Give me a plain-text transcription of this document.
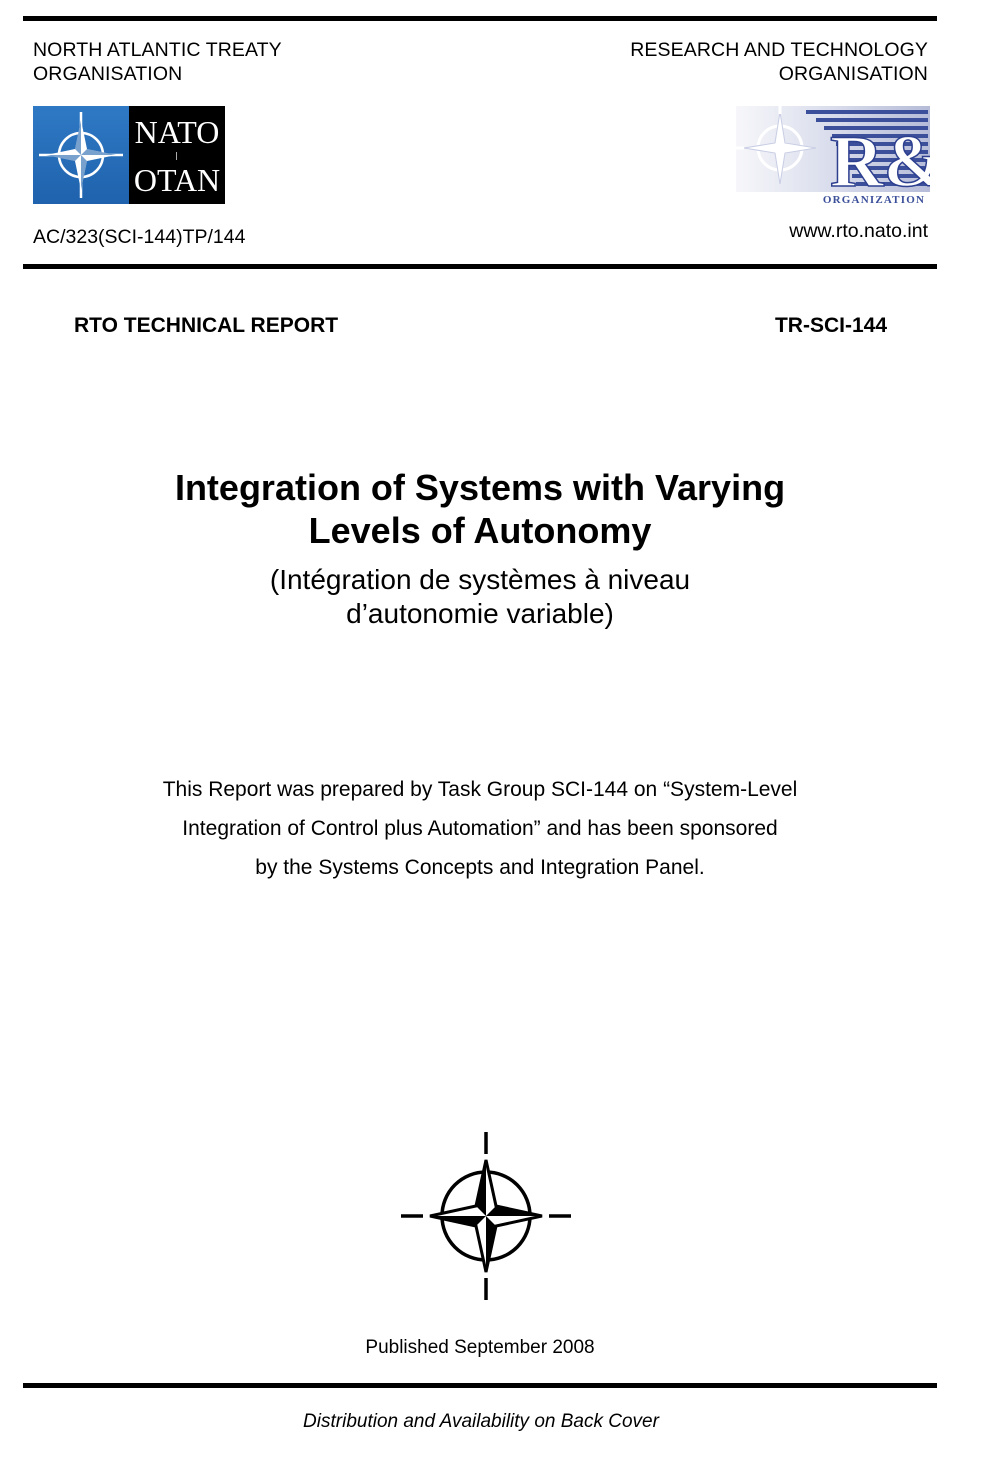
NORTH ATLANTIC TREATY
ORGANISATION
RESEARCH AND TECHNOLOGY
ORGANISATION
NATO
OTAN	R
ORGANIZATION
AC/323(SCI-144)TP/144	www.rto.nato.int
RTO TECHNICAL REPORT	TR-SCI-144
Integration of Systems with Varying
Levels of Autonomy
(Intégration de systèmes à niveau
d’autonomie variable)
This Report was prepared by Task Group SCI-144 on “System-Level
Integration of Control plus Automation” and has been sponsored
by the Systems Concepts and Integration Panel.
Published September 2008
Distribution and Availability on Back Cover
